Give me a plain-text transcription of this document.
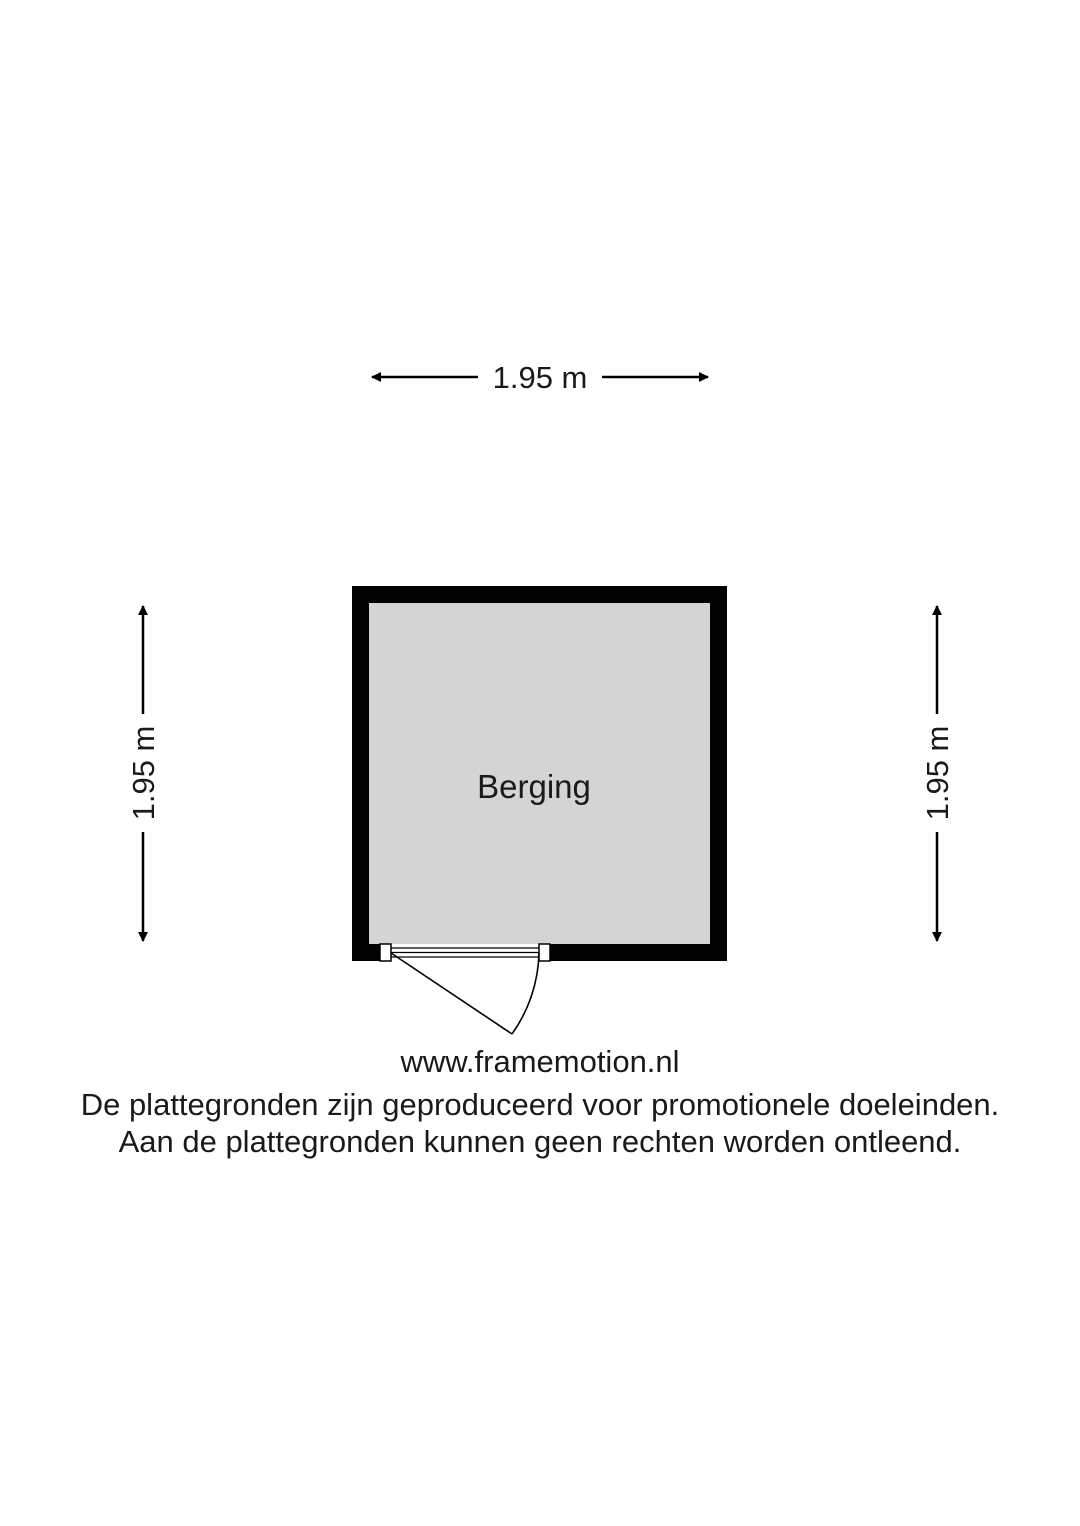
1.95 m
1.95 m	1.95 m
Berging
www.framemotion.nl
De plattegronden zijn geproduceerd voor promotionele doeleinden.
Aan de plattegronden kunnen geen rechten worden ontleend.
